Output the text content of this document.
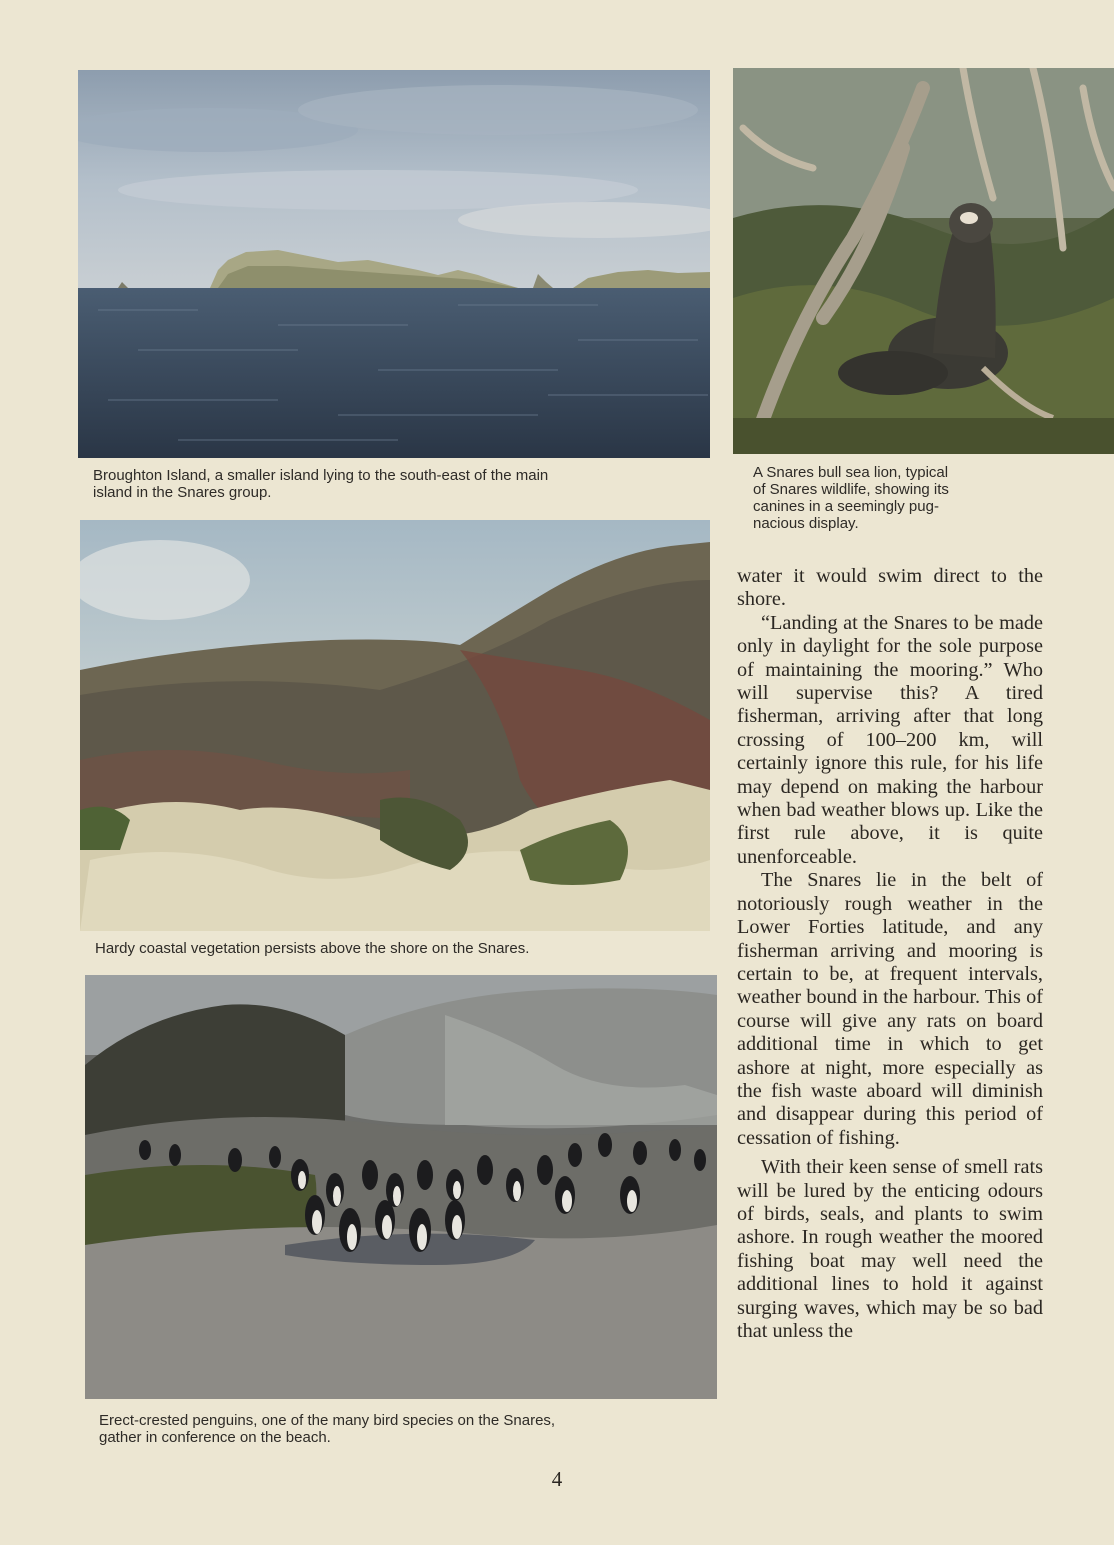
Broughton Island, a smaller island lying to the south-east of the main
island in the Snares group.
A Snares bull sea lion, typical
of Snares wildlife, showing its
canines in a seemingly pug-
nacious display.
Hardy coastal vegetation persists above the shore on the Snares.
Erect-crested penguins, one of the many bird species on the Snares,
gather in conference on the beach.

water it would swim direct to the shore.

“Landing at the Snares to be made only in daylight for the sole purpose of maintaining the mooring.” Who will supervise this? A tired fisherman, arriving after that long crossing of 100–200 km, will certainly ignore this rule, for his life may depend on making the harbour when bad weather blows up. Like the first rule above, it is quite unenforceable.

The Snares lie in the belt of notoriously rough weather in the Lower Forties latitude, and any fisherman arriving and mooring is certain to be, at frequent intervals, weather bound in the harbour. This of course will give any rats on board additional time in which to get ashore at night, more especially as the fish waste aboard will diminish and disappear during this period of cessation of fishing.

With their keen sense of smell rats will be lured by the enticing odours of birds, seals, and plants to swim ashore. In rough weather the moored fishing boat may well need the additional lines to hold it against surging waves, which may be so bad that unless the

4
